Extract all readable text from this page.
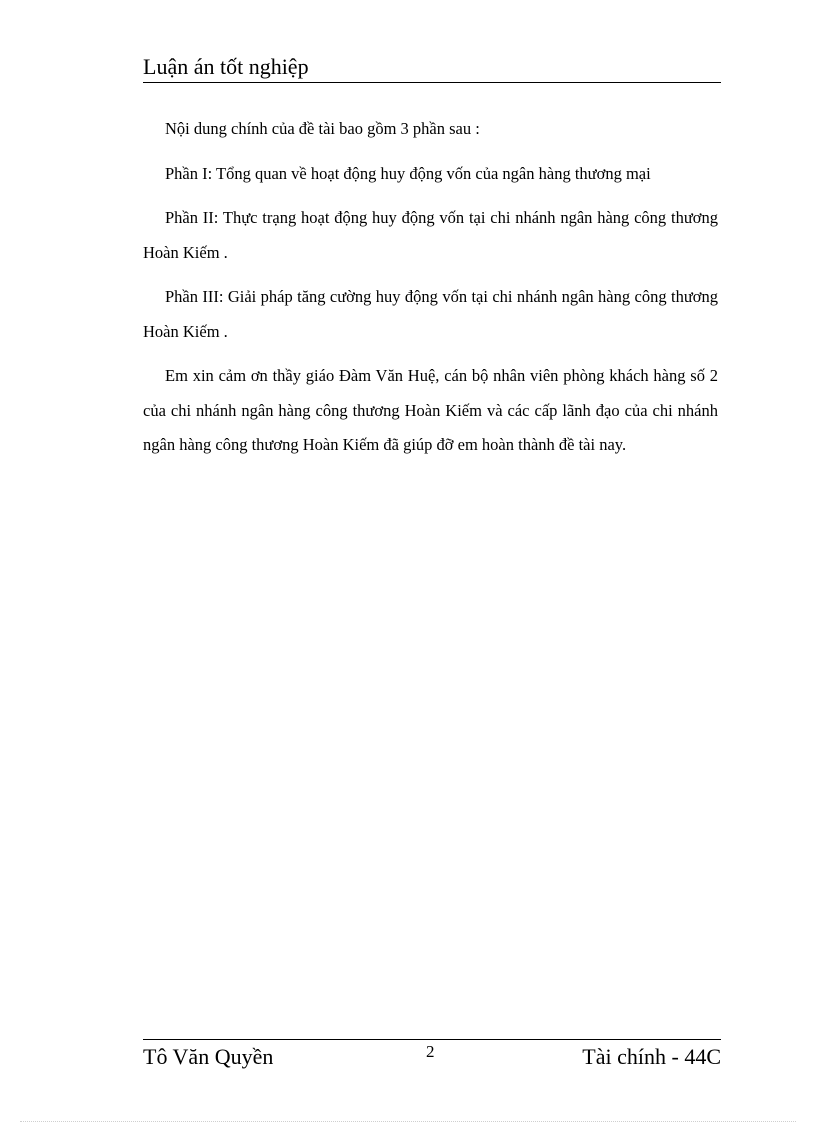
Luận án tốt nghiệp

Nội dung chính của đề tài bao gồm 3 phần sau :

Phần I: Tổng quan về hoạt động huy động vốn của ngân hàng thương mại

Phần II: Thực trạng hoạt động huy động vốn tại chi nhánh ngân hàng công thương Hoàn Kiếm .

Phần III: Giải pháp tăng cường huy động vốn tại chi nhánh ngân hàng công thương Hoàn Kiếm .

Em xin cảm ơn thầy giáo Đàm Văn Huệ, cán bộ nhân viên phòng khách hàng số 2 của chi nhánh ngân hàng công thương Hoàn Kiếm và các cấp lãnh đạo của chi nhánh ngân hàng công thương Hoàn Kiếm đã giúp đỡ em hoàn thành đề tài nay.

Tô Văn Quyền	2	Tài chính - 44C
